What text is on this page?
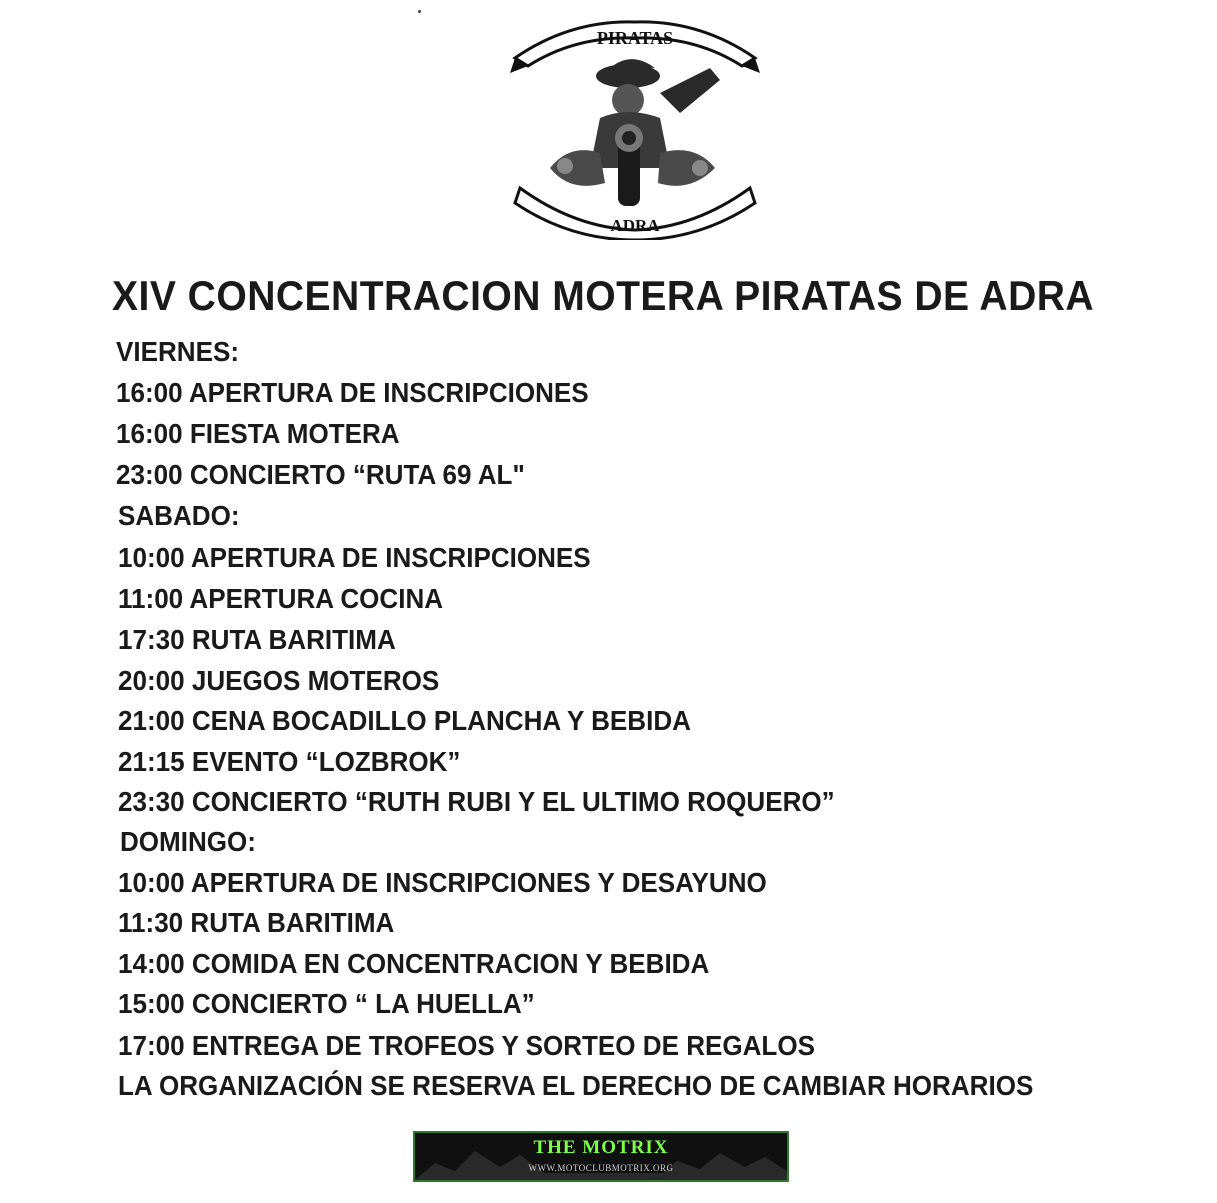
PIRATAS
ADRA
XIV CONCENTRACION MOTERA PIRATAS DE ADRA
VIERNES:
16:00 APERTURA DE INSCRIPCIONES
16:00 FIESTA MOTERA
23:00 CONCIERTO “RUTA 69 AL"
SABADO:
10:00 APERTURA DE INSCRIPCIONES
11:00 APERTURA COCINA
17:30 RUTA BARITIMA
20:00 JUEGOS MOTEROS
21:00 CENA BOCADILLO PLANCHA Y BEBIDA
21:15 EVENTO “LOZBROK”
23:30 CONCIERTO “RUTH RUBI Y EL ULTIMO ROQUERO”
DOMINGO:
10:00 APERTURA DE INSCRIPCIONES Y DESAYUNO
11:30 RUTA BARITIMA
14:00 COMIDA EN CONCENTRACION Y BEBIDA
15:00 CONCIERTO “ LA HUELLA”
17:00 ENTREGA DE TROFEOS Y SORTEO DE REGALOS
LA ORGANIZACIÓN SE RESERVA EL DERECHO DE CAMBIAR HORARIOS
THE MOTRIX
WWW.MOTOCLUBMOTRIX.ORG
